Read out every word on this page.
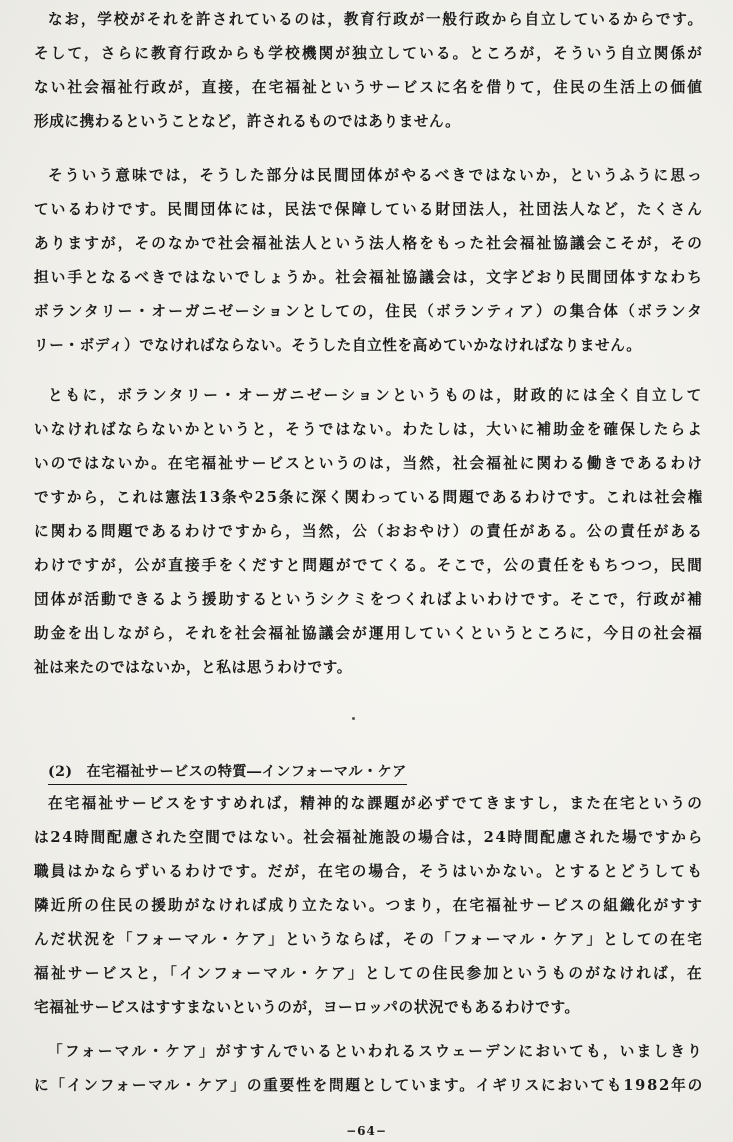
なお，学校がそれを許されているのは，教育行政が一般行政から自立しているからです。
そして，さらに教育行政からも学校機関が独立している。ところが，そういう自立関係が
ない社会福祉行政が，直接，在宅福祉というサービスに名を借りて，住民の生活上の価値
形成に携わるということなど，許されるものではありません。
そういう意味では，そうした部分は民間団体がやるべきではないか，というふうに思っ
ているわけです。民間団体には，民法で保障している財団法人，社団法人など，たくさん
ありますが，そのなかで社会福祉法人という法人格をもった社会福祉協議会こそが，その
担い手となるべきではないでしょうか。社会福祉協議会は，文字どおり民間団体すなわち
ボランタリー・オーガニゼーションとしての，住民（ボランティア）の集合体（ボランタ
リー・ボディ）でなければならない。そうした自立性を高めていかなければなりません。
ともに，ボランタリー・オーガニゼーションというものは，財政的には全く自立して
いなければならないかというと，そうではない。わたしは，大いに補助金を確保したらよ
いのではないか。在宅福祉サービスというのは，当然，社会福祉に関わる働きであるわけ
ですから，これは憲法13条や25条に深く関わっている問題であるわけです。これは社会権
に関わる問題であるわけですから，当然，公（おおやけ）の責任がある。公の責任がある
わけですが，公が直接手をくだすと問題がでてくる。そこで，公の責任をもちつつ，民間
団体が活動できるよう援助するというシクミをつくればよいわけです。そこで，行政が補
助金を出しながら，それを社会福祉協議会が運用していくというところに，今日の社会福
祉は来たのではないか，と私は思うわけです。
(2) 在宅福祉サービスの特質―インフォーマル・ケア
在宅福祉サービスをすすめれば，精神的な課題が必ずでてきますし，また在宅というの
は24時間配慮された空間ではない。社会福祉施設の場合は，24時間配慮された場ですから
職員はかならずいるわけです。だが，在宅の場合，そうはいかない。とするとどうしても
隣近所の住民の援助がなければ成り立たない。つまり，在宅福祉サービスの組織化がすす
んだ状況を「フォーマル・ケア」というならば，その「フォーマル・ケア」としての在宅
福祉サービスと，「インフォーマル・ケア」としての住民参加というものがなければ，在
宅福祉サービスはすすまないというのが，ヨーロッパの状況でもあるわけです。
「フォーマル・ケア」がすすんでいるといわれるスウェーデンにおいても，いましきり
に「インフォーマル・ケア」の重要性を問題としています。イギリスにおいても1982年の
−64−
